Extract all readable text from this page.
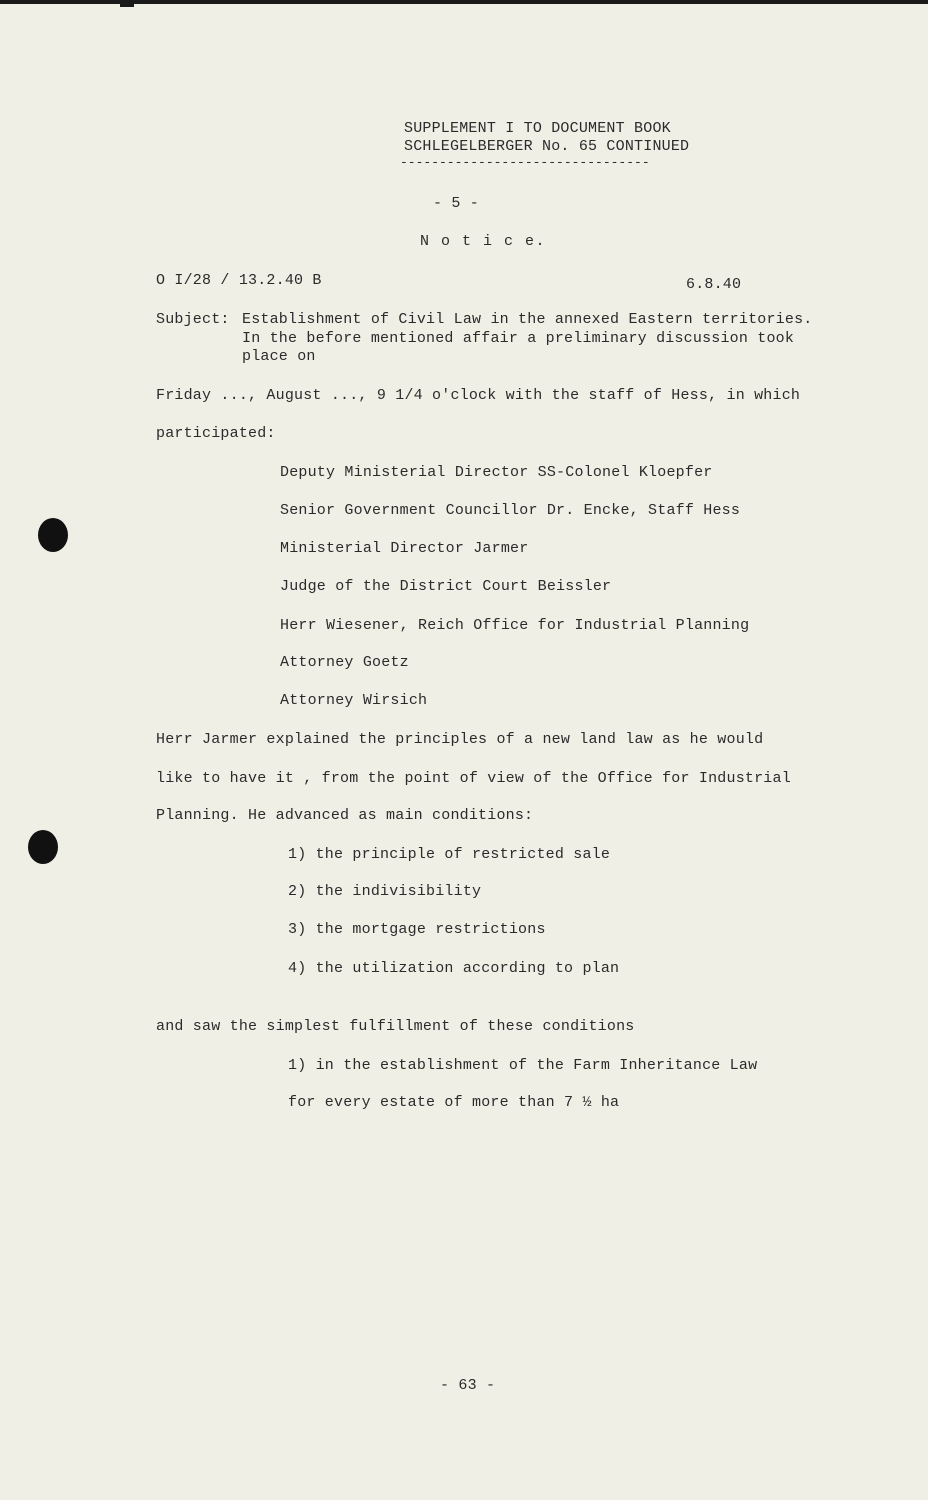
SUPPLEMENT I TO DOCUMENT BOOK
SCHLEGELBERGER No. 65 CONTINUED
--------------------------------
- 5 -
N o t i c e.
O I/28 / 13.2.40 B	6.8.40
Subject: Establishment of Civil Law in the annexed Eastern territories.
In the before mentioned affair a preliminary discussion took
place on
Friday ..., August ..., 9 1/4 o'clock with the staff of Hess, in which
participated:
Deputy Ministerial Director SS-Colonel Kloepfer
Senior Government Councillor Dr. Encke, Staff Hess
Ministerial Director Jarmer
Judge of the District Court Beissler
Herr Wiesener, Reich Office for Industrial Planning
Attorney Goetz
Attorney Wirsich
Herr Jarmer explained the principles of a new land law as he would
like to have it , from the point of view of the Office for Industrial
Planning. He advanced as main conditions:
1) the principle of restricted sale
2) the indivisibility
3) the mortgage restrictions
4) the utilization according to plan
and saw the simplest fulfillment of these conditions
1) in the establishment of the Farm Inheritance Law
for every estate of more than 7 ½ ha
- 63 -
